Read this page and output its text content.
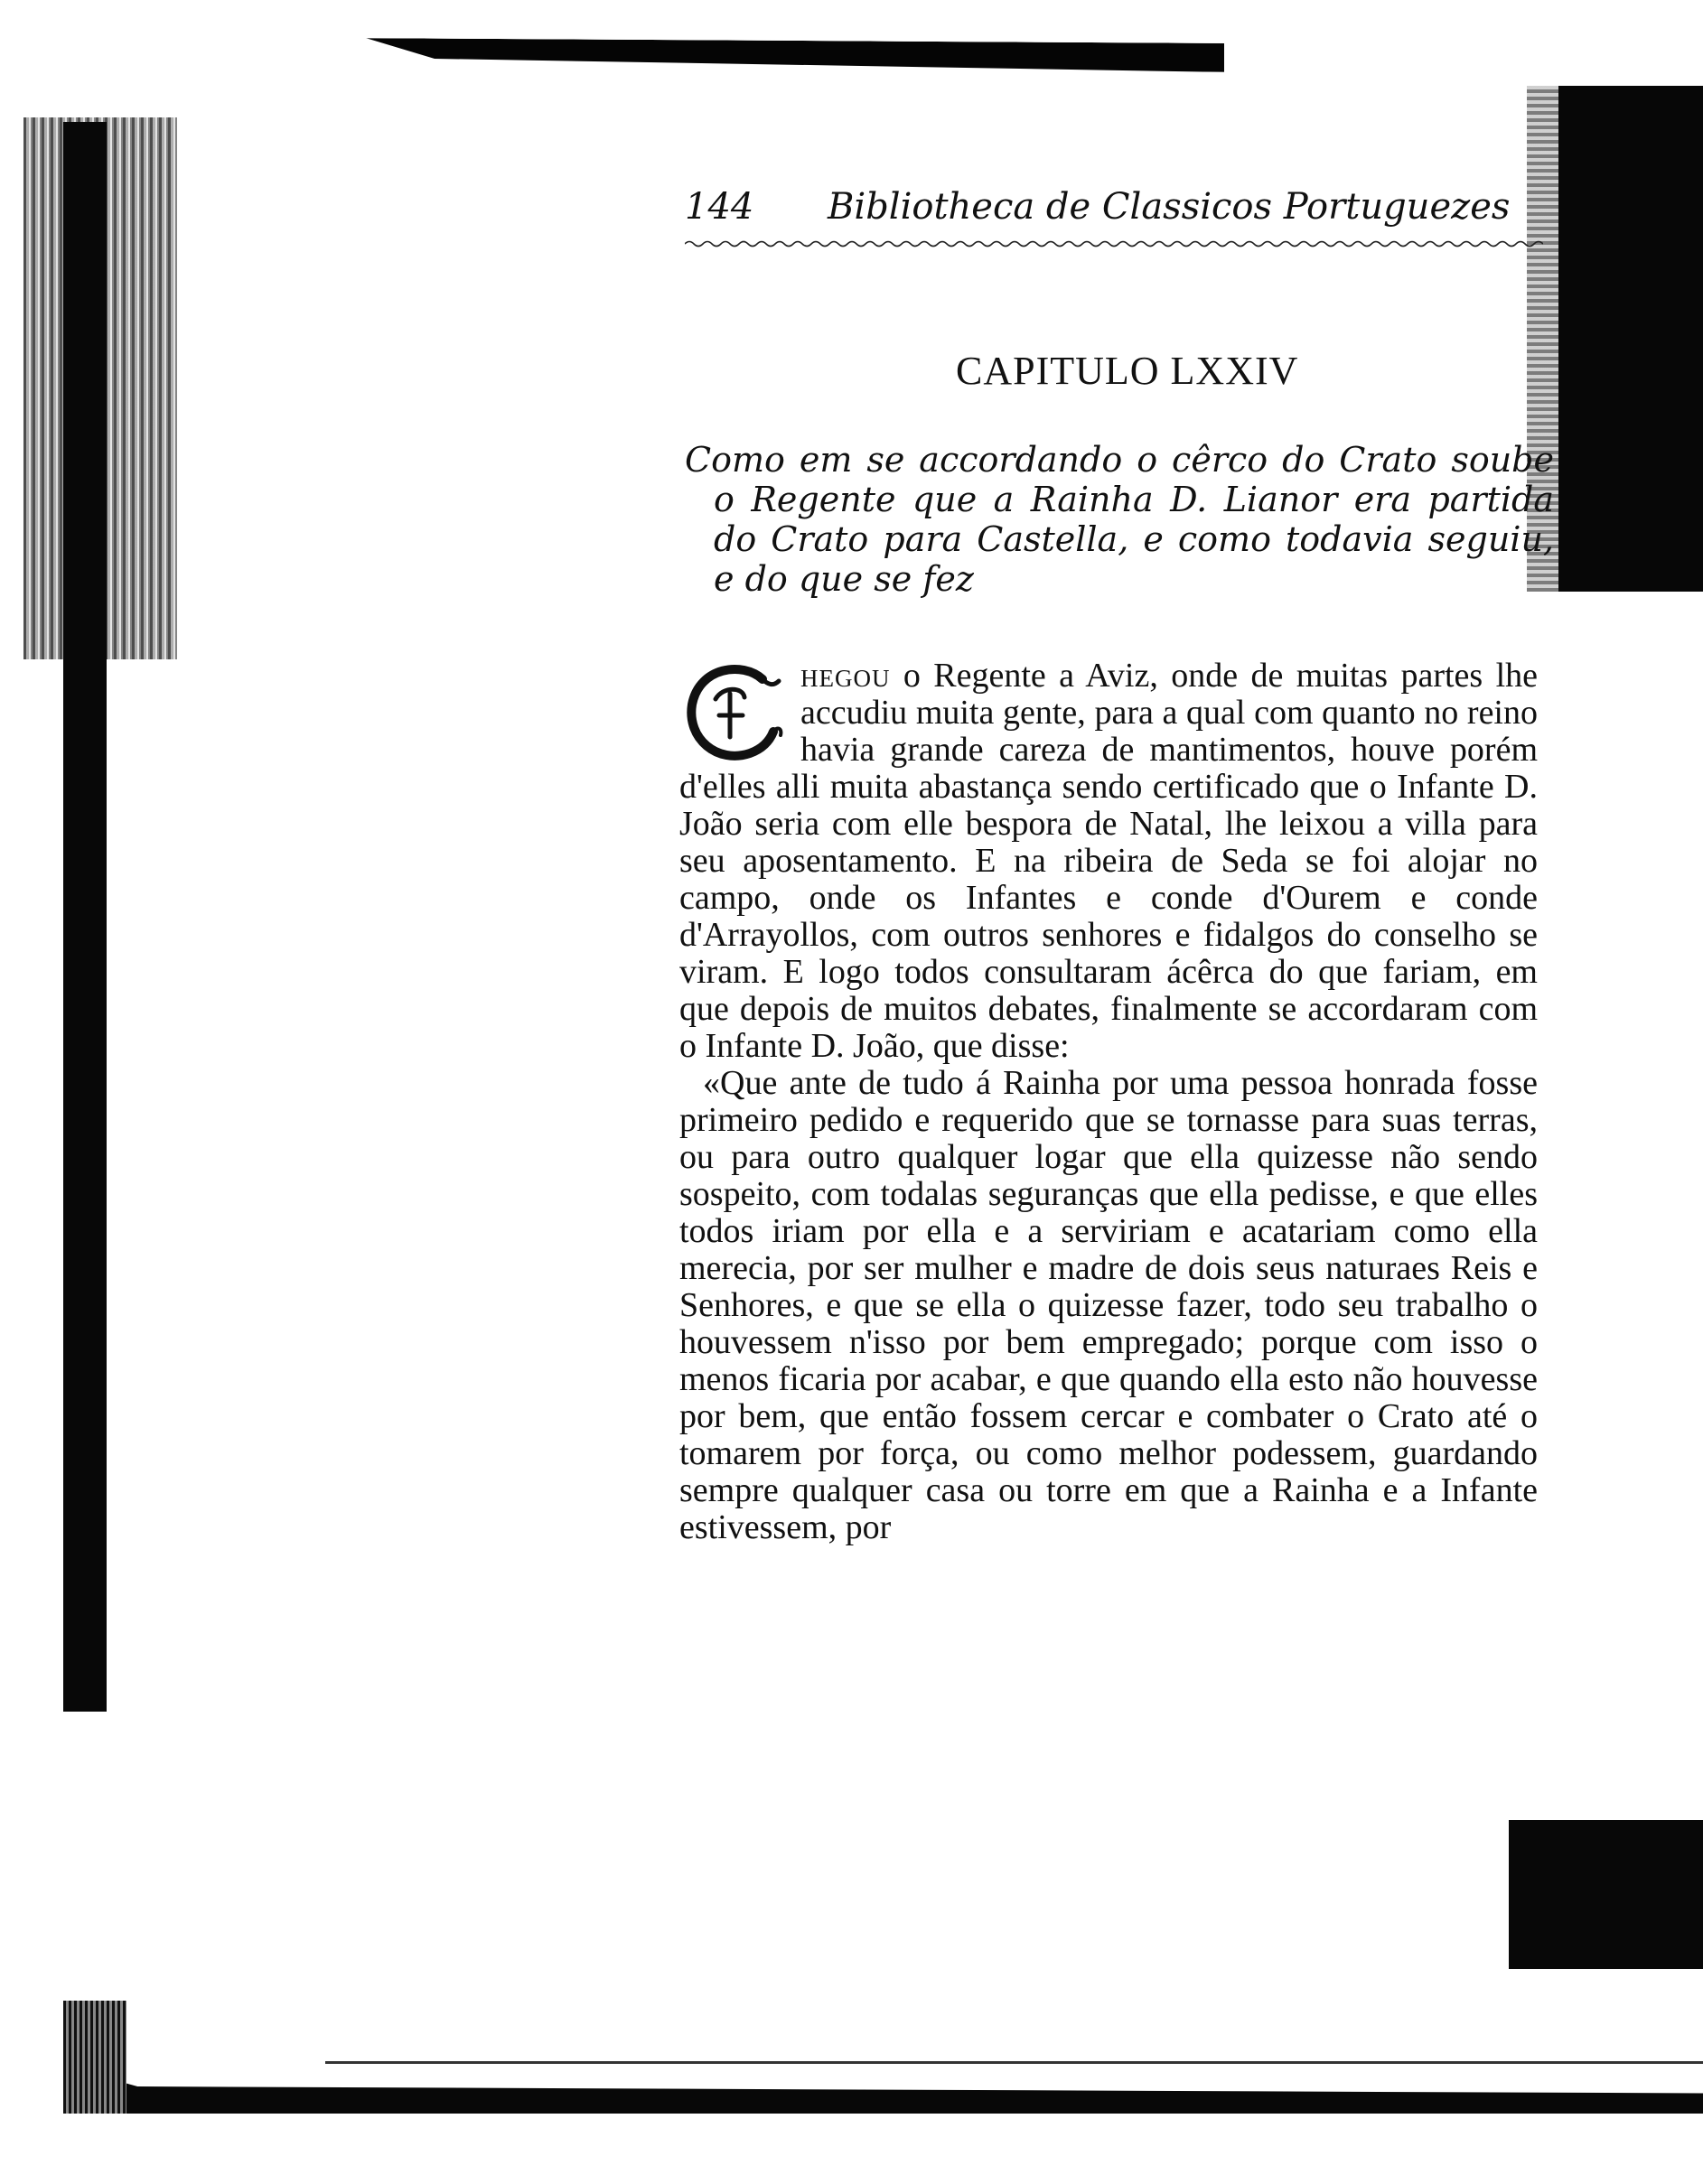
144 Bibliotheca de Classicos Portuguezes
CAPITULO LXXIV
Como em se accordando o cêrco do Crato soube o Regente que a Rainha D. Lianor era partida do Crato para Castella, e como todavia seguiu, e do que se fez

C	hegou o Regente a Aviz, onde de muitas partes lhe accudiu muita gente, para a qual com quanto no reino havia grande careza de mantimentos, houve porém d'elles alli muita abastança sendo certificado que o Infante D. João seria com elle bespora de Natal, lhe leixou a villa para seu aposentamento. E na ribeira de Seda se foi alojar no campo, onde os Infantes e conde d'Ourem e conde d'Arrayollos, com outros senhores e fidalgos do conselho se viram. E logo todos consultaram ácêrca do que fariam, em que depois de muitos debates, finalmente se accordaram com o Infante D. João, que disse:

«Que ante de tudo á Rainha por uma pessoa honrada fosse primeiro pedido e requerido que se tornasse para suas terras, ou para outro qualquer logar que ella quizesse não sendo sospeito, com todalas seguranças que ella pedisse, e que elles todos iriam por ella e a serviriam e acatariam como ella merecia, por ser mulher e madre de dois seus naturaes Reis e Senhores, e que se ella o quizesse fazer, todo seu trabalho o houvessem n'isso por bem empregado; porque com isso o menos ficaria por acabar, e que quando ella esto não houvesse por bem, que então fossem cercar e combater o Crato até o tomarem por força, ou como melhor podessem, guardando sempre qualquer casa ou torre em que a Rainha e a Infante estivessem, por
